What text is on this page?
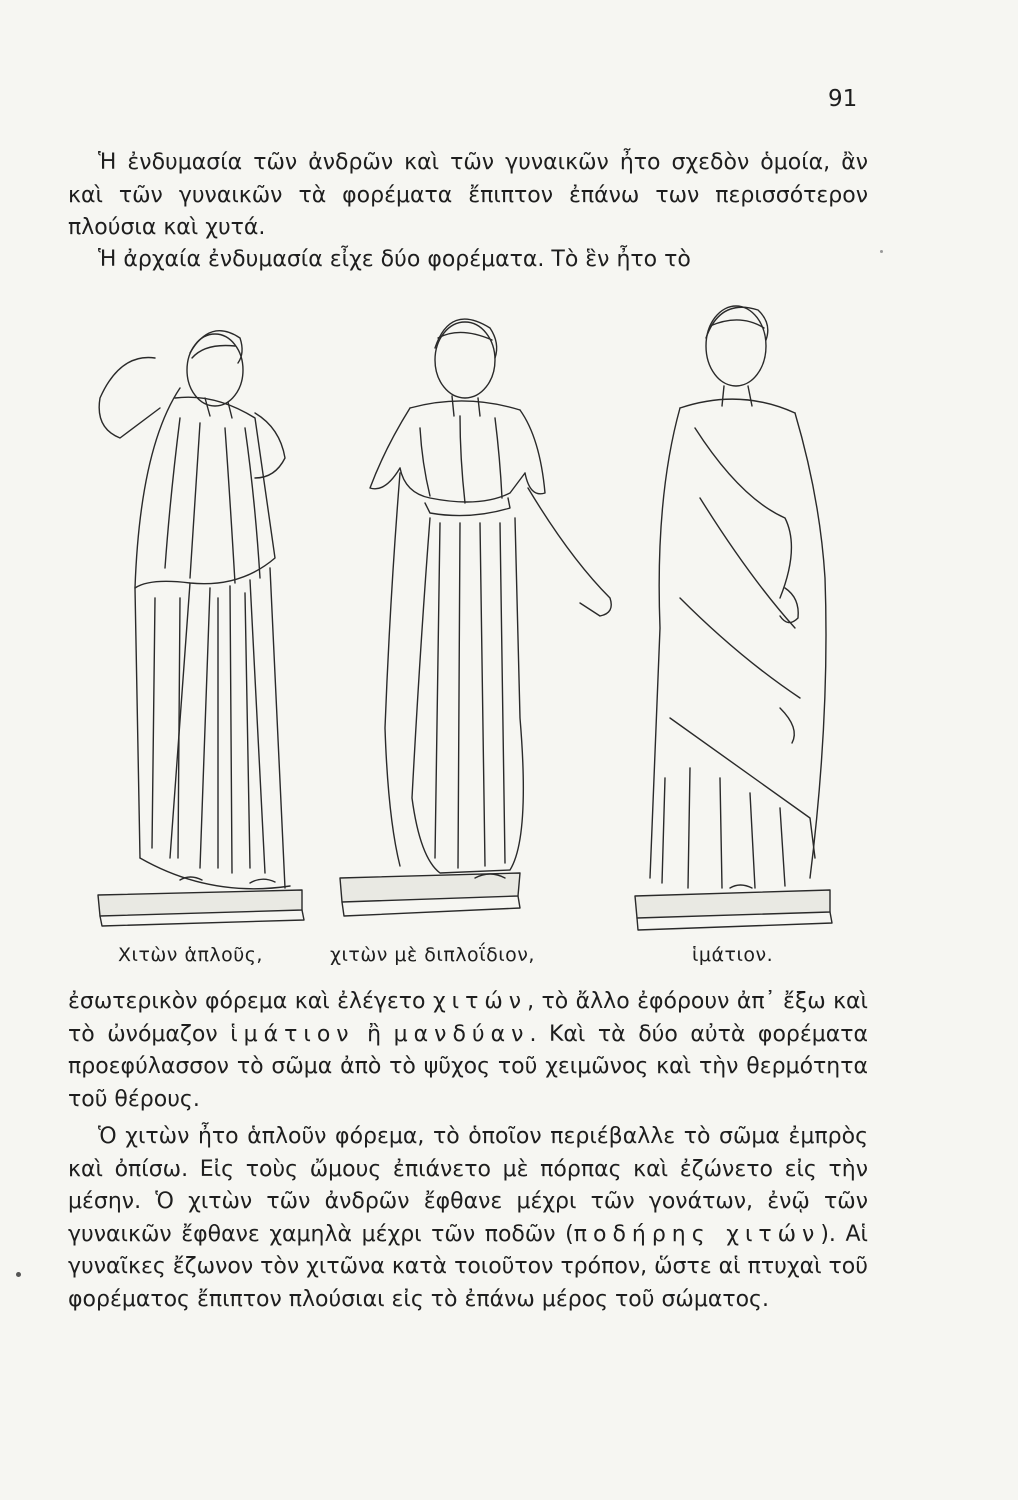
91

Ἡ ἐνδυμασία τῶν ἀνδρῶν καὶ τῶν γυναικῶν ἦτο σχεδὸν ὁμοία, ἂν καὶ τῶν γυναικῶν τὰ φορέματα ἔπιπτον ἐπάνω των περισσότερον πλούσια καὶ χυτά.

Ἡ ἀρχαία ἐνδυμασία εἶχε δύο φορέματα. Τὸ ἓν ἦτο τὸ

Χιτὼν ἁπλοῦς,	χιτὼν μὲ διπλοΐδιον,	ἱμάτιον.

ἐσωτερικὸν φόρεμα καὶ ἐλέγετο χιτών, τὸ ἄλλο ἐφόρουν ἀπ᾽ ἔξω καὶ τὸ ὠνόμαζον ἱμάτιον ἢ μανδύαν. Καὶ τὰ δύο αὐτὰ φορέματα προεφύλασσον τὸ σῶμα ἀπὸ τὸ ψῦχος τοῦ χειμῶνος καὶ τὴν θερμότητα τοῦ θέρους.

Ὁ χιτὼν ἦτο ἁπλοῦν φόρεμα, τὸ ὁποῖον περιέβαλλε τὸ σῶμα ἐμπρὸς καὶ ὀπίσω. Εἰς τοὺς ὤμους ἐπιάνετο μὲ πόρπας καὶ ἐζώνετο εἰς τὴν μέσην. Ὁ χιτὼν τῶν ἀνδρῶν ἔφθανε μέχρι τῶν γονάτων, ἐνῷ τῶν γυναικῶν ἔφθανε χαμηλὰ μέχρι τῶν ποδῶν (ποδήρης χιτών). Αἱ γυναῖκες ἔζωνον τὸν χιτῶνα κατὰ τοιοῦτον τρόπον, ὥστε αἱ πτυχαὶ τοῦ φορέματος ἔπιπτον πλούσιαι εἰς τὸ ἐπάνω μέρος τοῦ σώματος.
